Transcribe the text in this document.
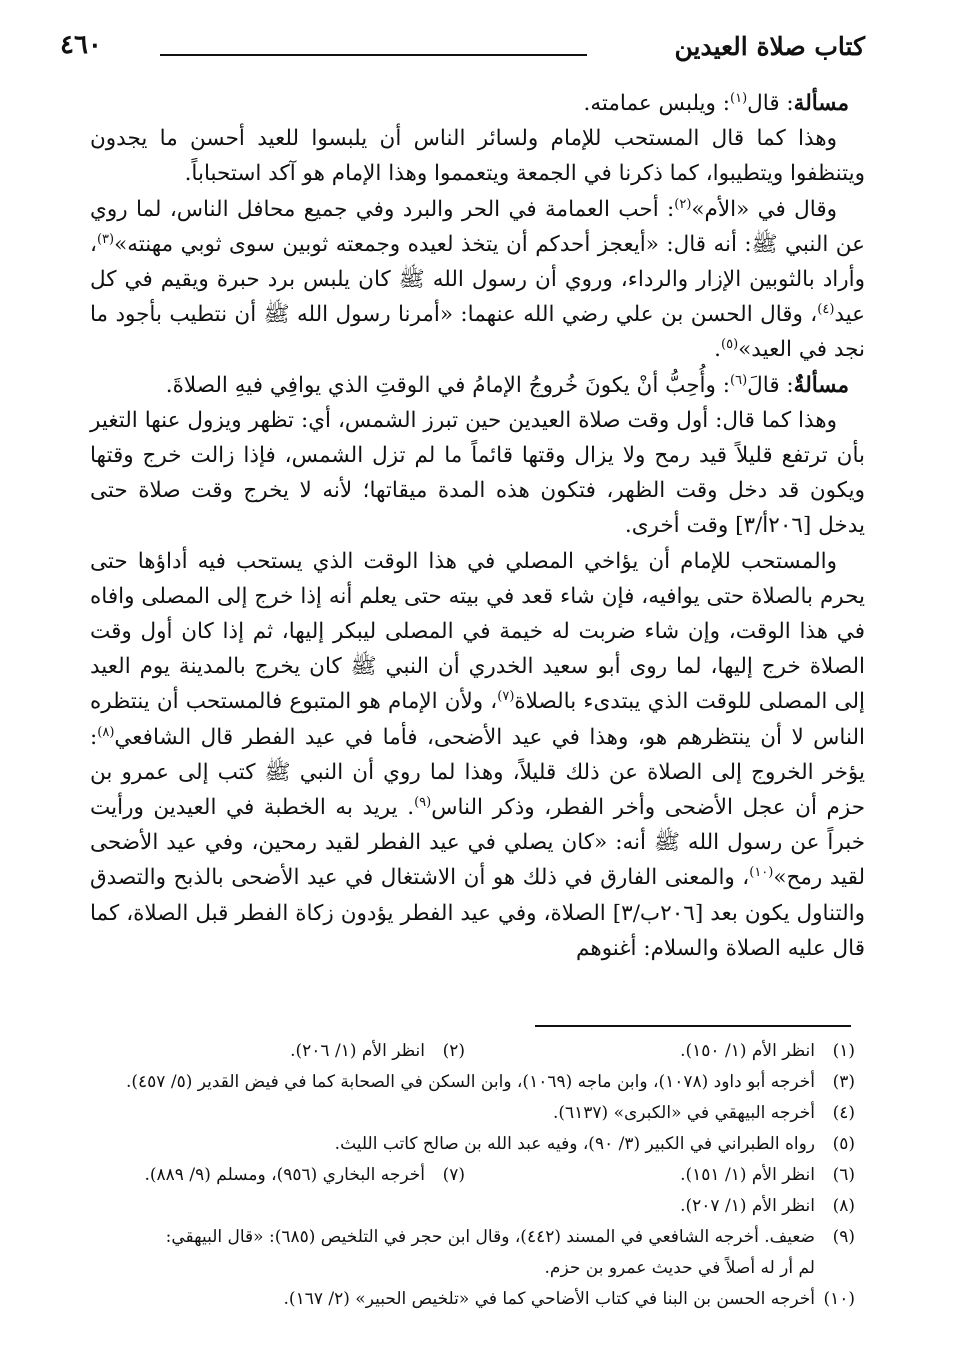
كتاب صلاة العيدين
٤٦٠

مسألة: قال$^{(١)}$: ويلبس عمامته.

وهذا كما قال المستحب للإمام ولسائر الناس أن يلبسوا للعيد أحسن ما يجدون ويتنظفوا ويتطيبوا، كما ذكرنا في الجمعة ويتعمموا وهذا الإمام هو آكد استحباباً.

وقال في «الأم»$^{(٢)}$: أحب العمامة في الحر والبرد وفي جميع محافل الناس، لما روي عن النبي ﷺ: أنه قال: «أيعجز أحدكم أن يتخذ لعيده وجمعته ثوبين سوى ثوبي مهنته»$^{(٣)}$، وأراد بالثوبين الإزار والرداء، وروي أن رسول الله ﷺ كان يلبس برد حبرة ويقيم في كل عيد$^{(٤)}$، وقال الحسن بن علي رضي الله عنهما: «أمرنا رسول الله ﷺ أن نتطيب بأجود ما نجد في العيد»$^{(٥)}$.

مسألةٌ: قالَ$^{(٦)}$: وأُحِبُّ أنْ يكونَ خُروجُ الإمامُ في الوقتِ الذي يوافِي فيهِ الصلاةَ.

وهذا كما قال: أول وقت صلاة العيدين حين تبرز الشمس، أي: تظهر ويزول عنها التغير بأن ترتفع قليلاً قيد رمح ولا يزال وقتها قائماً ما لم تزل الشمس، فإذا زالت خرج وقتها ويكون قد دخل وقت الظهر، فتكون هذه المدة ميقاتها؛ لأنه لا يخرج وقت صلاة حتى يدخل [٢٠٦أ/٣] وقت أخرى.

والمستحب للإمام أن يؤاخي المصلي في هذا الوقت الذي يستحب فيه أداؤها حتى يحرم بالصلاة حتى يوافيه، فإن شاء قعد في بيته حتى يعلم أنه إذا خرج إلى المصلى وافاه في هذا الوقت، وإن شاء ضربت له خيمة في المصلى ليبكر إليها، ثم إذا كان أول وقت الصلاة خرج إليها، لما روى أبو سعيد الخدري أن النبي ﷺ كان يخرج بالمدينة يوم العيد إلى المصلى للوقت الذي يبتدىء بالصلاة$^{(٧)}$، ولأن الإمام هو المتبوع فالمستحب أن ينتظره الناس لا أن ينتظرهم هو، وهذا في عيد الأضحى، فأما في عيد الفطر قال الشافعي$^{(٨)}$: يؤخر الخروج إلى الصلاة عن ذلك قليلاً، وهذا لما روي أن النبي ﷺ كتب إلى عمرو بن حزم أن عجل الأضحى وأخر الفطر، وذكر الناس$^{(٩)}$. يريد به الخطبة في العيدين ورأيت خبراً عن رسول الله ﷺ أنه: «كان يصلي في عيد الفطر لقيد رمحين، وفي عيد الأضحى لقيد رمح»$^{(١٠)}$، والمعنى الفارق في ذلك هو أن الاشتغال في عيد الأضحى بالذبح والتصدق والتناول يكون بعد [٢٠٦ب/٣] الصلاة، وفي عيد الفطر يؤدون زكاة الفطر قبل الصلاة، كما قال عليه الصلاة والسلام: أغنوهم

(١)
انظر الأم (١/ ١٥٠).
(٢)
انظر الأم (١/ ٢٠٦).
(٣)
أخرجه أبو داود (١٠٧٨)، وابن ماجه (١٠٦٩)، وابن السكن في الصحابة كما في فيض القدير (٥/ ٤٥٧).
(٤)
أخرجه البيهقي في «الكبرى» (٦١٣٧).
(٥)
رواه الطبراني في الكبير (٣/ ٩٠)، وفيه عبد الله بن صالح كاتب الليث.
(٦)
انظر الأم (١/ ١٥١).
(٧)
أخرجه البخاري (٩٥٦)، ومسلم (٩/ ٨٨٩).
(٨)
انظر الأم (١/ ٢٠٧).
(٩)
ضعيف. أخرجه الشافعي في المسند (٤٤٢)، وقال ابن حجر في التلخيص (٦٨٥): «قال البيهقي:
لم أر له أصلاً في حديث عمرو بن حزم.
(١٠)
أخرجه الحسن بن البنا في كتاب الأضاحي كما في «تلخيص الحبير» (٢/ ١٦٧).
